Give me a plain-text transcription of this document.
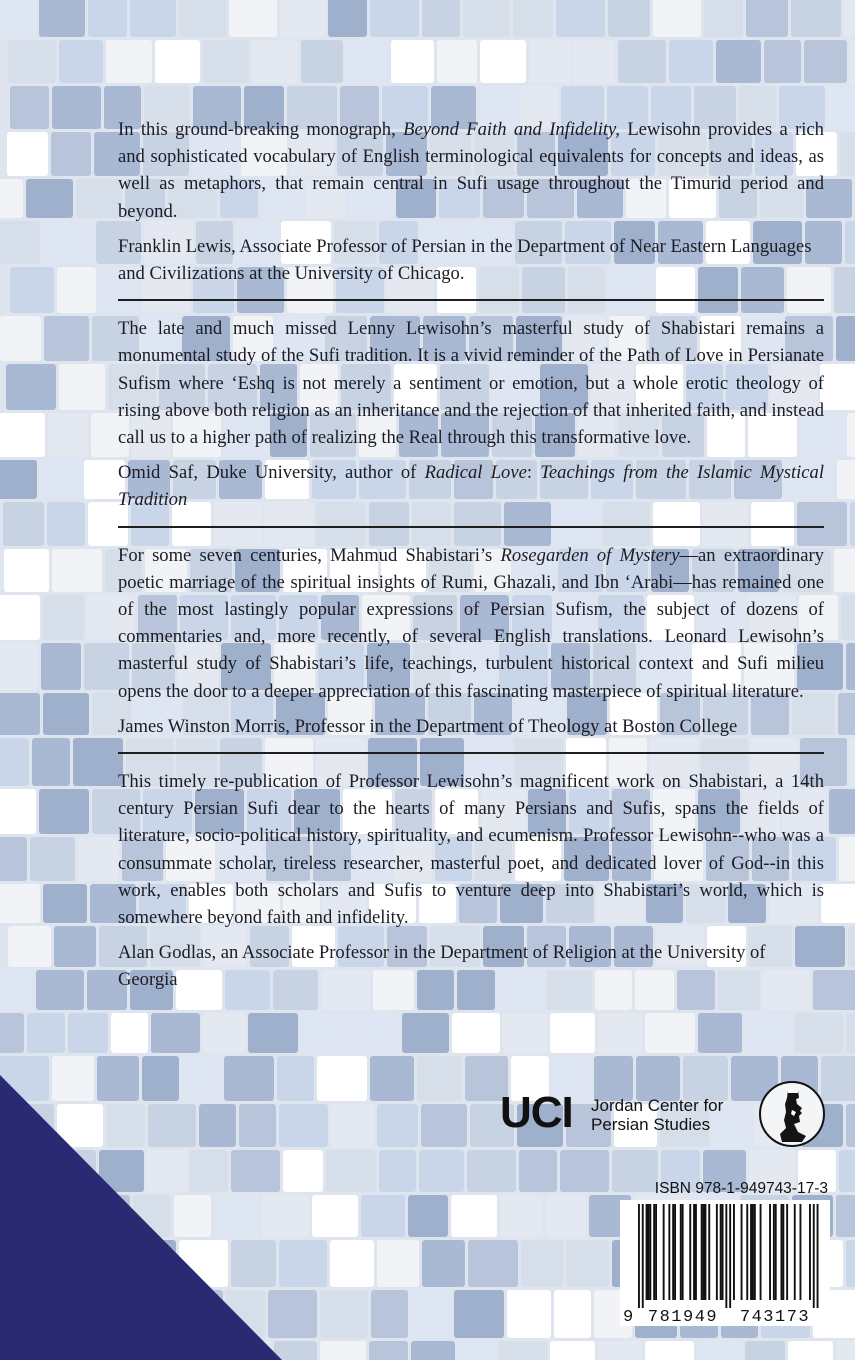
In this ground-breaking monograph, Beyond Faith and Infidelity, Lewisohn provides a rich and sophisticated vocabulary of English terminological equivalents for concepts and ideas, as well as metaphors, that remain central in Sufi usage throughout the Timurid period and beyond.

Franklin Lewis, Associate Professor of Persian in the Department of Near Eastern Languages and Civilizations at the University of Chicago.

The late and much missed Lenny Lewisohn’s masterful study of Shabistari remains a monumental study of the Sufi tradition. It is a vivid reminder of the Path of Love in Persianate Sufism where ‘Eshq is not merely a sentiment or emotion, but a whole erotic theology of rising above both religion as an inheritance and the rejection of that inherited faith, and instead call us to a higher path of realizing the Real through this transformative love.

Omid Saf, Duke University, author of Radical Love: Teachings from the Islamic Mystical Tradition

For some seven centuries, Mahmud Shabistari’s Rosegarden of Mystery—an extraordinary poetic marriage of the spiritual insights of Rumi, Ghazali, and Ibn ‘Arabi—has remained one of the most lastingly popular expressions of Persian Sufism, the subject of dozens of commentaries and, more recently, of several English translations. Leonard Lewisohn’s masterful study of Shabistari’s life, teachings, turbulent historical context and Sufi milieu opens the door to a deeper appreciation of this fascinating masterpiece of spiritual literature.

James Winston Morris, Professor in the Department of Theology at Boston College

This timely re-publication of Professor Lewisohn’s magnificent work on Shabistari, a 14th century Persian Sufi dear to the hearts of many Persians and Sufis, spans the fields of literature, socio-political history, spirituality, and ecumenism. Professor Lewisohn--who was a consummate scholar, tireless researcher, masterful poet, and dedicated lover of God--in this work, enables both scholars and Sufis to venture deep into Shabistari’s world, which is somewhere beyond faith and infidelity.

Alan Godlas, an Associate Professor in the Department of Religion at the University of Georgia

UCI Jordan Center for
Persian Studies
ISBN 978-1-949743-17-3
9 781949 743173
